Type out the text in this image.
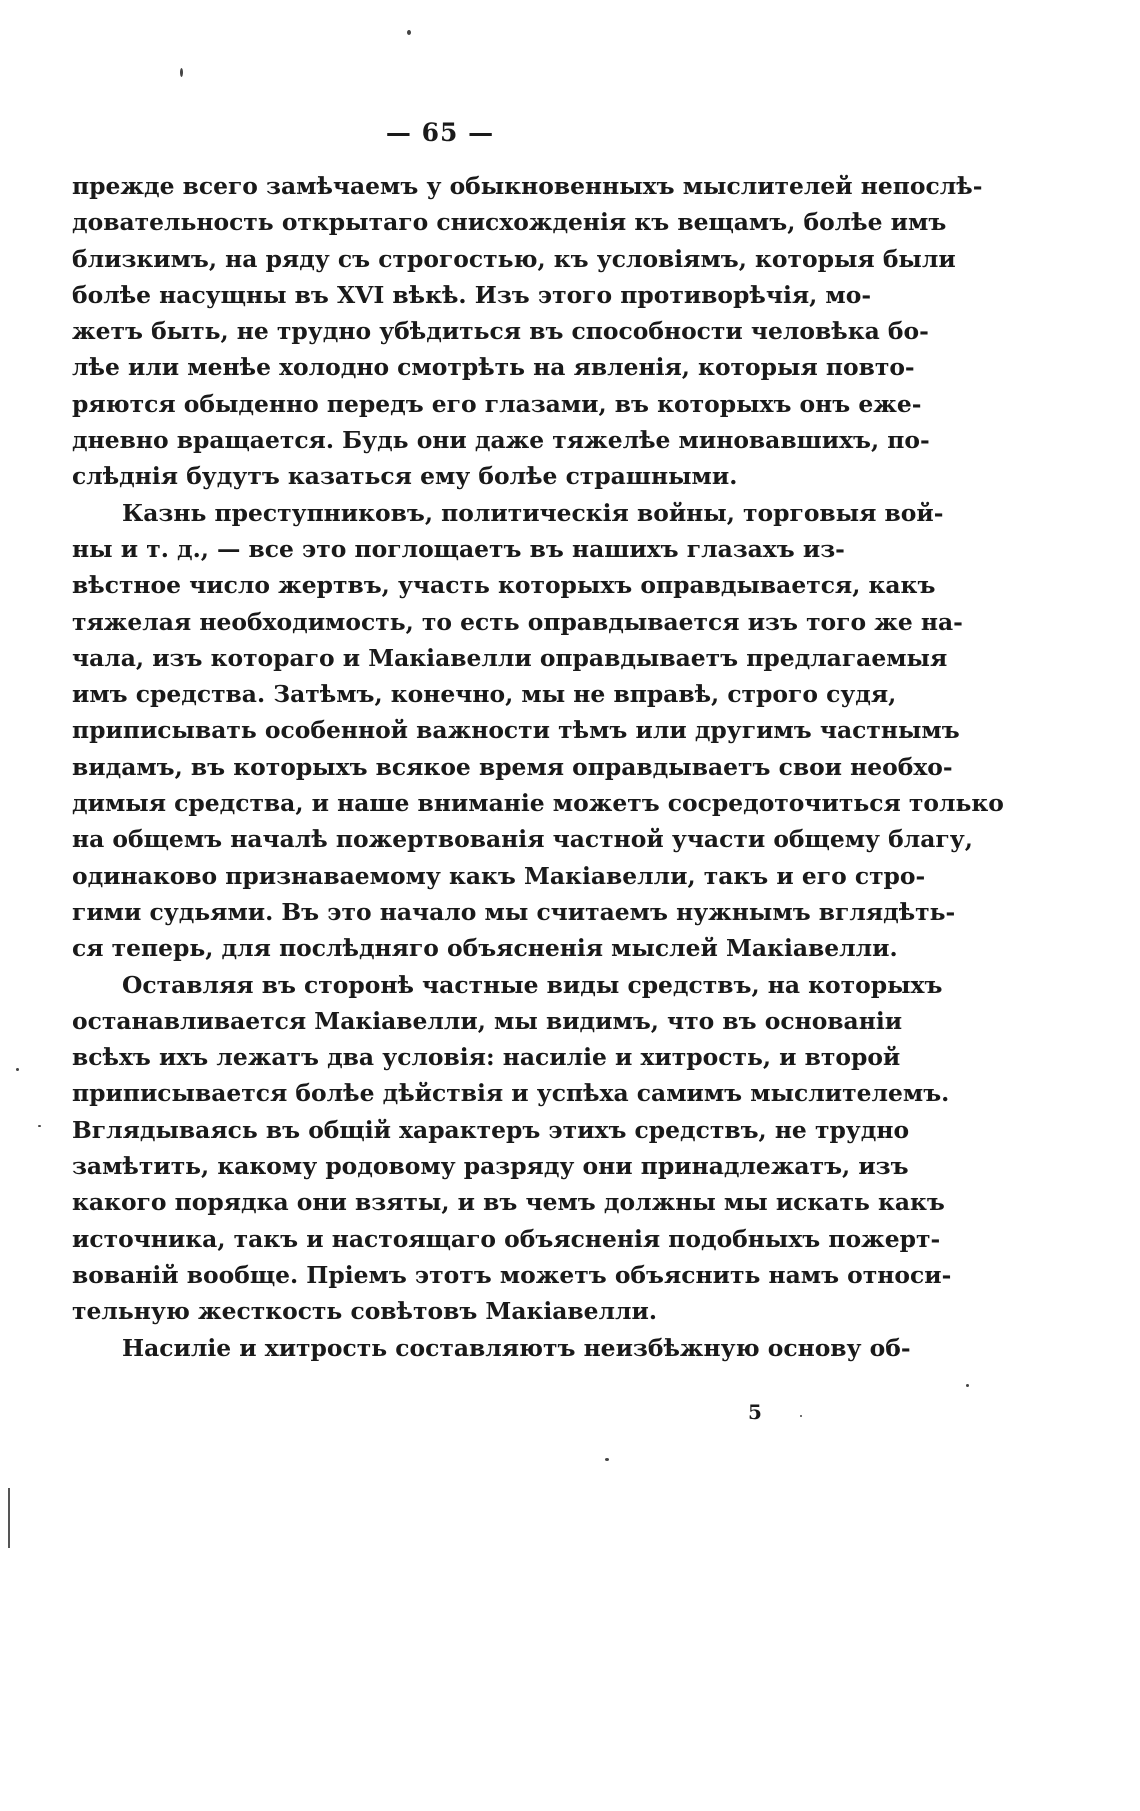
— 65 —
прежде всего замѣчаемъ у обыкновенныхъ мыслителей непослѣ-
довательность открытаго снисхожденія къ вещамъ, болѣе имъ
близкимъ, на ряду съ строгостью, къ условіямъ, которыя были
болѣе насущны въ XVI вѣкѣ. Изъ этого противорѣчія, мо-
жетъ быть, не трудно убѣдиться въ способности человѣка бо-
лѣе или менѣе холодно смотрѣть на явленія, которыя повто-
ряются обыденно передъ его глазами, въ которыхъ онъ еже-
дневно вращается. Будь они даже тяжелѣе миновавшихъ, по-
слѣднія будутъ казаться ему болѣе страшными.
Казнь преступниковъ, политическія войны, торговыя вой-
ны и т. д., — все это поглощаетъ въ нашихъ глазахъ из-
вѣстное число жертвъ, участь которыхъ оправдывается, какъ
тяжелая необходимость, то есть оправдывается изъ того же на-
чала, изъ котораго и Макіавелли оправдываетъ предлагаемыя
имъ средства. Затѣмъ, конечно, мы не вправѣ, строго судя,
приписывать особенной важности тѣмъ или другимъ частнымъ
видамъ, въ которыхъ всякое время оправдываетъ свои необхо-
димыя средства, и наше вниманіе можетъ сосредоточиться только
на общемъ началѣ пожертвованія частной участи общему благу,
одинаково признаваемому какъ Макіавелли, такъ и его стро-
гими судьями. Въ это начало мы считаемъ нужнымъ вглядѣть-
ся теперь, для послѣдняго объясненія мыслей Макіавелли.
Оставляя въ сторонѣ частные виды средствъ, на которыхъ
останавливается Макіавелли, мы видимъ, что въ основаніи
всѣхъ ихъ лежатъ два условія: насиліе и хитрость, и второй
приписывается болѣе дѣйствія и успѣха самимъ мыслителемъ.
Вглядываясь въ общій характеръ этихъ средствъ, не трудно
замѣтить, какому родовому разряду они принадлежатъ, изъ
какого порядка они взяты, и въ чемъ должны мы искать какъ
источника, такъ и настоящаго объясненія подобныхъ пожерт-
вованій вообще. Пріемъ этотъ можетъ объяснить намъ относи-
тельную жесткость совѣтовъ Макіавелли.
Насиліе и хитрость составляютъ неизбѣжную основу об-
5
